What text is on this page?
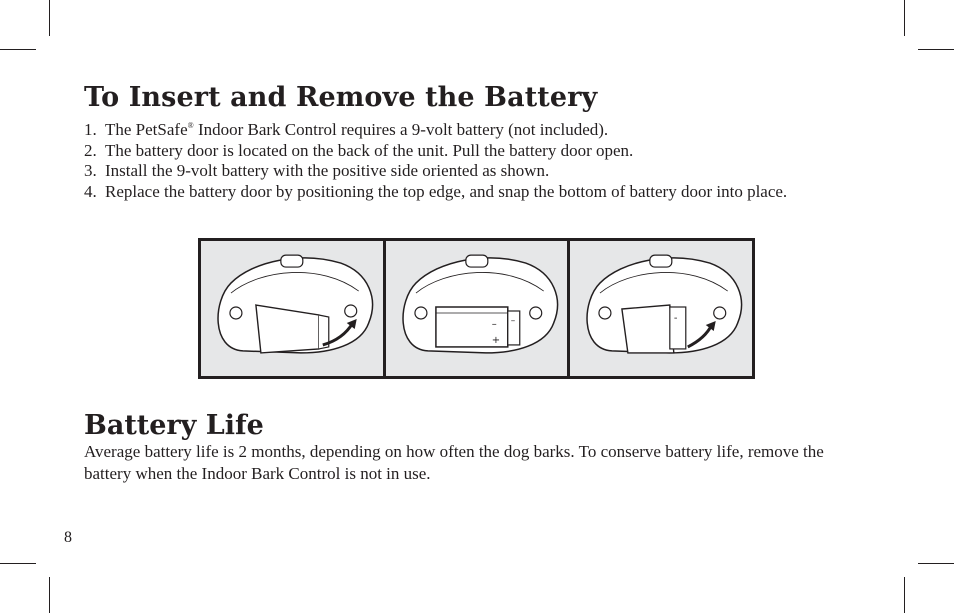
To Insert and Remove the Battery
1. The PetSafe® Indoor Bark Control requires a 9-volt battery (not included).
2. The battery door is located on the back of the unit. Pull the battery door open.
3. Install the 9-volt battery with the positive side oriented as shown.
4. Replace the battery door by positioning the top edge, and snap the bottom of battery door into place.
–
+
–	-
Battery Life

Average battery life is 2 months, depending on how often the dog barks. To conserve battery life, remove the battery when the Indoor Bark Control is not in use.

8
